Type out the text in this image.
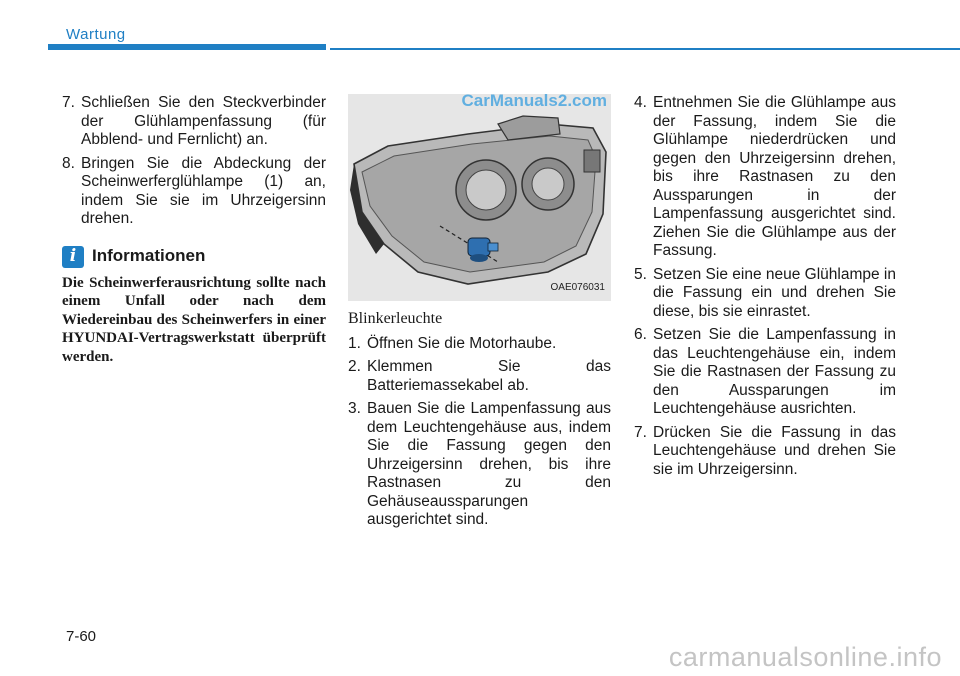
Wartung
7. Schließen Sie den Steckverbinder der Glühlampenfassung (für Abblend- und Fernlicht) an.
8. Bringen Sie die Abdeckung der Scheinwerferglühlampe (1) an, indem Sie sie im Uhrzeigersinn drehen.
i Informationen
Die Scheinwerferausrichtung sollte nach einem Unfall oder nach dem Wiedereinbau des Scheinwerfers in einer HYUNDAI-Vertragswerkstatt überprüft werden.
CarManuals2.com
OAE076031
Blinkerleuchte
1. Öffnen Sie die Motorhaube.
2. Klemmen Sie das Batteriemassekabel ab.
3. Bauen Sie die Lampenfassung aus dem Leuchtengehäuse aus, indem Sie die Fassung gegen den Uhrzeigersinn drehen, bis ihre Rastnasen zu den Gehäuseaussparungen ausgerichtet sind.
4. Entnehmen Sie die Glühlampe aus der Fassung, indem Sie die Glühlampe niederdrücken und gegen den Uhrzeigersinn drehen, bis ihre Rastnasen zu den Aussparungen in der Lampenfassung ausgerichtet sind. Ziehen Sie die Glühlampe aus der Fassung.
5. Setzen Sie eine neue Glühlampe in die Fassung ein und drehen Sie diese, bis sie einrastet.
6. Setzen Sie die Lampenfassung in das Leuchtengehäuse ein, indem Sie die Rastnasen der Fassung zu den Aussparungen im Leuchtengehäuse ausrichten.
7. Drücken Sie die Fassung in das Leuchtengehäuse und drehen Sie sie im Uhrzeigersinn.
7-60
carmanualsonline.info
